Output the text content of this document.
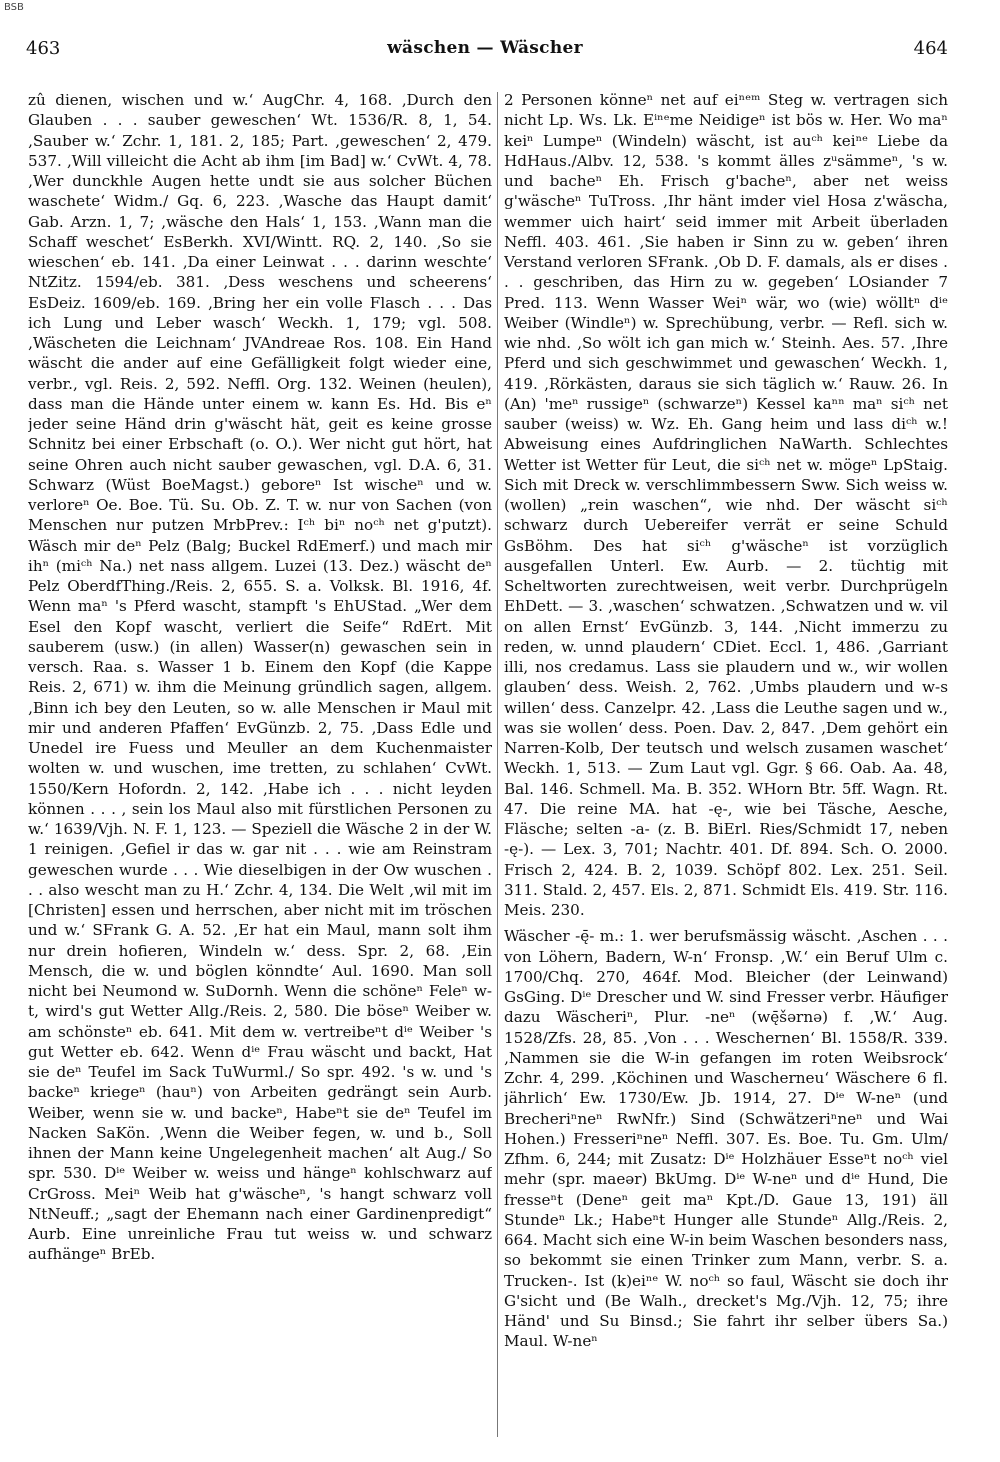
BSB
463	wäschen — Wäscher	464

zû dienen, wischen und w.‘ AugChr. 4, 168. ‚Durch den Glauben . . . sauber geweschen‘ Wt. 1536/R. 8, 1, 54. ‚Sauber w.‘ Zchr. 1, 181. 2, 185; Part. ‚geweschen‘ 2, 479. 537. ‚Will villeicht die Acht ab ihm [im Bad] w.‘ CvWt. 4, 78. ‚Wer dunckhle Augen hette undt sie aus solcher Büchen waschete‘ Widm./ Gq. 6, 223. ‚Wasche das Haupt damit‘ Gab. Arzn. 1, 7; ‚wäsche den Hals‘ 1, 153. ‚Wann man die Schaff weschet‘ EsBerkh. XVI/Wintt. RQ. 2, 140. ‚So sie wieschen‘ eb. 141. ‚Da einer Leinwat . . . darinn weschte‘ NtZitz. 1594/eb. 381. ‚Dess weschens und scheerens‘ EsDeiz. 1609/eb. 169. ‚Bring her ein volle Flasch . . . Das ich Lung und Leber wasch‘ Weckh. 1, 179; vgl. 508. ‚Wäscheten die Leichnam‘ JVAndreae Ros. 108. Ein Hand wäscht die ander auf eine Gefälligkeit folgt wieder eine, verbr., vgl. Reis. 2, 592. Neffl. Org. 132. Weinen (heulen), dass man die Hände unter einem w. kann Es. Hd. Bis eⁿ jeder seine Händ drin g'wäscht hät, geit es keine grosse Schnitz bei einer Erbschaft (o. O.). Wer nicht gut hört, hat seine Ohren auch nicht sauber gewaschen, vgl. D.A. 6, 31. Schwarz (Wüst BoeMagst.) geboreⁿ Ist wischeⁿ und w. verloreⁿ Oe. Boe. Tü. Su. Ob. Z. T. w. nur von Sachen (von Menschen nur putzen MrbPrev.: Iᶜʰ biⁿ noᶜʰ net g'putzt). Wäsch mir deⁿ Pelz (Balg; Buckel RdEmerf.) und mach mir ihⁿ (miᶜʰ Na.) net nass allgem. Luzei (13. Dez.) wäscht deⁿ Pelz OberdfThing./Reis. 2, 655. S. a. Volksk. Bl. 1916, 4f. Wenn maⁿ 's Pferd wascht, stampft 's EhUStad. „Wer dem Esel den Kopf wascht, verliert die Seife“ RdErt. Mit sauberem (usw.) (in allen) Wasser(n) gewaschen sein in versch. Raa. s. Wasser 1 b. Einem den Kopf (die Kappe Reis. 2, 671) w. ihm die Meinung gründlich sagen, allgem. ‚Binn ich bey den Leuten, so w. alle Menschen ir Maul mit mir und anderen Pfaffen‘ EvGünzb. 2, 75. ‚Dass Edle und Unedel ire Fuess und Meuller an dem Kuchenmaister wolten w. und wuschen, ime tretten, zu schlahen‘ CvWt. 1550/Kern Hofordn. 2, 142. ‚Habe ich . . . nicht leyden können . . . , sein los Maul also mit fürstlichen Personen zu w.‘ 1639/Vjh. N. F. 1, 123. — Speziell die Wäsche 2 in der W. 1 reinigen. ‚Gefiel ir das w. gar nit . . . wie am Reinstram geweschen wurde . . . Wie dieselbigen in der Ow wuschen . . . also wescht man zu H.‘ Zchr. 4, 134. Die Welt ‚wil mit im [Christen] essen und herrschen, aber nicht mit im tröschen und w.‘ SFrank G. A. 52. ‚Er hat ein Maul, mann solt ihm nur drein hofieren, Windeln w.‘ dess. Spr. 2, 68. ‚Ein Mensch, die w. und böglen könndte‘ Aul. 1690. Man soll nicht bei Neumond w. SuDornh. Wenn die schöneⁿ Feleⁿ w-t, wird's gut Wetter Allg./Reis. 2, 580. Die böseⁿ Weiber w. am schönsteⁿ eb. 641. Mit dem w. vertreibeⁿt dⁱᵉ Weiber 's gut Wetter eb. 642. Wenn dⁱᵉ Frau wäscht und backt, Hat sie deⁿ Teufel im Sack TuWurml./ So spr. 492. 's w. und 's backeⁿ kriegeⁿ (hauⁿ) von Arbeiten gedrängt sein Aurb. Weiber, wenn sie w. und backeⁿ, Habeⁿt sie deⁿ Teufel im Nacken SaKön. ‚Wenn die Weiber fegen, w. und b., Soll ihnen der Mann keine Ungelegenheit machen‘ alt Aug./ So spr. 530. Dⁱᵉ Weiber w. weiss und hängeⁿ kohlschwarz auf CrGross. Meiⁿ Weib hat g'wäscheⁿ, 's hangt schwarz voll NtNeuff.; „sagt der Ehemann nach einer Gardinenpredigt“ Aurb. Eine unreinliche Frau tut weiss w. und schwarz aufhängeⁿ BrEb.

2 Personen könneⁿ net auf eiⁿᵉᵐ Steg w. vertragen sich nicht Lp. Ws. Lk. Eⁱⁿᵉme Neidigeⁿ ist bös w. Her. Wo maⁿ keiⁿ Lumpeⁿ (Windeln) wäscht, ist auᶜʰ keiⁿᵉ Liebe da HdHaus./Albv. 12, 538. 's kommt älles zᵘsämmeⁿ, 's w. und bacheⁿ Eh. Frisch g'bacheⁿ, aber net weiss g'wäscheⁿ TuTross. ‚Ihr hänt imder viel Hosa z'wäscha, wemmer uich hairt‘ seid immer mit Arbeit überladen Neffl. 403. 461. ‚Sie haben ir Sinn zu w. geben‘ ihren Verstand verloren SFrank. ‚Ob D. F. damals, als er dises . . . geschriben, das Hirn zu w. gegeben‘ LOsiander 7 Pred. 113. Wenn Wasser Weiⁿ wär, wo (wie) wölltⁿ dⁱᵉ Weiber (Windleⁿ) w. Sprechübung, verbr. — Refl. sich w. wie nhd. ‚So wölt ich gan mich w.‘ Steinh. Aes. 57. ‚Ihre Pferd und sich geschwimmet und gewaschen‘ Weckh. 1, 419. ‚Rörkästen, daraus sie sich täglich w.‘ Rauw. 26. In (An) 'meⁿ russigeⁿ (schwarzeⁿ) Kessel kaⁿⁿ maⁿ siᶜʰ net sauber (weiss) w. Wz. Eh. Gang heim und lass diᶜʰ w.! Abweisung eines Aufdringlichen NaWarth. Schlechtes Wetter ist Wetter für Leut, die siᶜʰ net w. mögeⁿ LpStaig. Sich mit Dreck w. verschlimmbessern Sww. Sich weiss w. (wollen) „rein waschen“, wie nhd. Der wäscht siᶜʰ schwarz durch Uebereifer verrät er seine Schuld GsBöhm. Des hat siᶜʰ g'wäscheⁿ ist vorzüglich ausgefallen Unterl. Ew. Aurb. — 2. tüchtig mit Scheltworten zurechtweisen, weit verbr. Durchprügeln EhDett. — 3. ‚waschen‘ schwatzen. ‚Schwatzen und w. vil on allen Ernst‘ EvGünzb. 3, 144. ‚Nicht immerzu zu reden, w. unnd plaudern‘ CDiet. Eccl. 1, 486. ‚Garriant illi, nos credamus. Lass sie plaudern und w., wir wollen glauben‘ dess. Weish. 2, 762. ‚Umbs plaudern und w-s willen‘ dess. Canzelpr. 42. ‚Lass die Leuthe sagen und w., was sie wollen‘ dess. Poen. Dav. 2, 847. ‚Dem gehört ein Narren-Kolb, Der teutsch und welsch zusamen waschet‘ Weckh. 1, 513. — Zum Laut vgl. Ggr. § 66. Oab. Aa. 48, Bal. 146. Schmell. Ma. B. 352. WHorn Btr. 5ff. Wagn. Rt. 47. Die reine MA. hat -ę-, wie bei Täsche, Aesche, Fläsche; selten -a- (z. B. BiErl. Ries/Schmidt 17, neben -ę-). — Lex. 3, 701; Nachtr. 401. Df. 894. Sch. O. 2000. Frisch 2, 424. B. 2, 1039. Schöpf 802. Lex. 251. Seil. 311. Stald. 2, 457. Els. 2, 871. Schmidt Els. 419. Str. 116. Meis. 230.

Wäscher -ę̄- m.: 1. wer berufsmässig wäscht. ‚Aschen . . . von Löhern, Badern, W-n‘ Fronsp. ‚W.‘ ein Beruf Ulm c. 1700/Chq. 270, 464f. Mod. Bleicher (der Leinwand) GsGing. Dⁱᵉ Drescher und W. sind Fresser verbr. Häufiger dazu Wäscheriⁿ, Plur. -neⁿ (wę̄šərnə) f. ‚W.‘ Aug. 1528/Zfs. 28, 85. ‚Von . . . Weschernen‘ Bl. 1558/R. 339. ‚Nammen sie die W-in gefangen im roten Weibsrock‘ Zchr. 4, 299. ‚Köchinen und Wascherneu‘ Wäschere 6 fl. jährlich‘ Ew. 1730/Ew. Jb. 1914, 27. Dⁱᵉ W-neⁿ (und Brecheriⁿneⁿ RwNfr.) Sind (Schwätzeriⁿneⁿ und Wai Hohen.) Fresseriⁿneⁿ Neffl. 307. Es. Boe. Tu. Gm. Ulm/ Zfhm. 6, 244; mit Zusatz: Dⁱᵉ Holzhäuer Esseⁿt noᶜʰ viel mehr (spr. maeər) BkUmg. Dⁱᵉ W-neⁿ und dⁱᵉ Hund, Die fresseⁿt (Deneⁿ geit maⁿ Kpt./D. Gaue 13, 191) äll Stundeⁿ Lk.; Habeⁿt Hunger alle Stundeⁿ Allg./Reis. 2, 664. Macht sich eine W-in beim Waschen besonders nass, so bekommt sie einen Trinker zum Mann, verbr. S. a. Trucken-. Ist (k)eiⁿᵉ W. noᶜʰ so faul, Wäscht sie doch ihr G'sicht und (Be Walh., drecket's Mg./Vjh. 12, 75; ihre Händ' und Su Binsd.; Sie fahrt ihr selber übers Sa.) Maul. W-neⁿ
